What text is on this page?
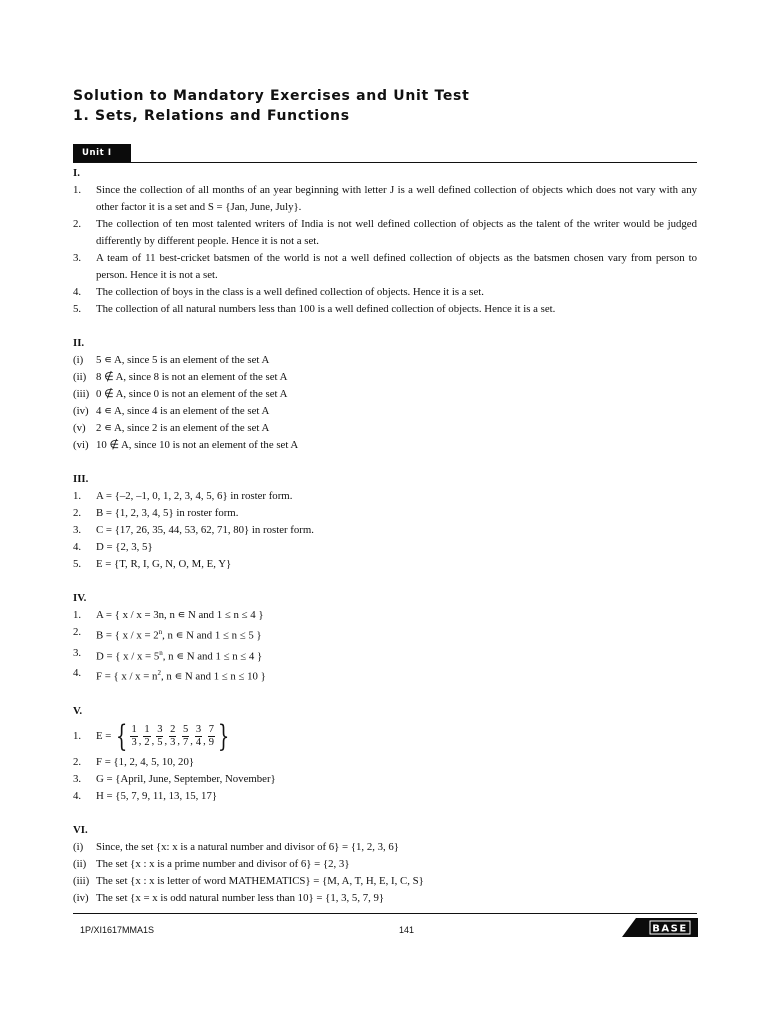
Solution to Mandatory Exercises and Unit Test
1. Sets, Relations and Functions
Unit I
I.
1.	Since the collection of all months of an year beginning with letter J is a well defined collection of objects which does not vary with any other factor it is a set and S = {Jan, June, July}.
2.	The collection of ten most talented writers of India is not well defined collection of objects as the talent of the writer would be judged differently by different people. Hence it is not a set.
3.	A team of 11 best-cricket batsmen of the world is not a well defined collection of objects as the batsmen chosen vary from person to person. Hence it is not a set.
4.	The collection of boys in the class is a well defined collection of objects. Hence it is a set.
5.	The collection of all natural numbers less than 100 is a well defined collection of objects. Hence it is a set.
II.
(i)	5 ∊ A, since 5 is an element of the set A
(ii) 8 ∉ A, since 8 is not an element of the set A
(iii) 0 ∉ A, since 0 is not an element of the set A
(iv) 4 ∊ A, since 4 is an element of the set A
(v) 2 ∊ A, since 2 is an element of the set A
(vi) 10 ∉ A, since 10 is not an element of the set A
III.
1.	A = {–2, –1, 0, 1, 2, 3, 4, 5, 6} in roster form.
2.	B = {1, 2, 3, 4, 5} in roster form.
3.	C = {17, 26, 35, 44, 53, 62, 71, 80} in roster form.
4.	D = {2, 3, 5}
5.	E = {T, R, I, G, N, O, M, E, Y}
IV.
1.	A = { x / x = 3n, n ∊ N and 1 ≤ n ≤ 4 }
2.	B = { $x / x = 2^n$, n ∊ N and 1 ≤ n ≤ 5 }
3.	D = { $x / x = 5^n$, n ∊ N and 1 ≤ n ≤ 4 }
4.	F = { $x / x = n^2$, n ∊ N and 1 ≤ n ≤ 10 }
V.
1.	E = { $\frac{1}{3}$ , $\frac{1}{2}$ , $\frac{3}{5}$ , $\frac{2}{3}$ , $\frac{5}{7}$ , $\frac{3}{4}$ , $\frac{7}{9}$ }
2.	F = {1, 2, 4, 5, 10, 20}
3.	G = {April, June, September, November}
4.	H = {5, 7, 9, 11, 13, 15, 17}
VI.
(i)	Since, the set {x: x is a natural number and divisor of 6} = {1, 2, 3, 6}
(ii) The set {x : x is a prime number and divisor of 6} = {2, 3}
(iii) The set {x : x is letter of word MATHEMATICS} = {M, A, T, H, E, I, C, S}
(iv) The set {x = x is odd natural number less than 10} = {1, 3, 5, 7, 9}
1P/XI1617MMA1S	141	BASE
